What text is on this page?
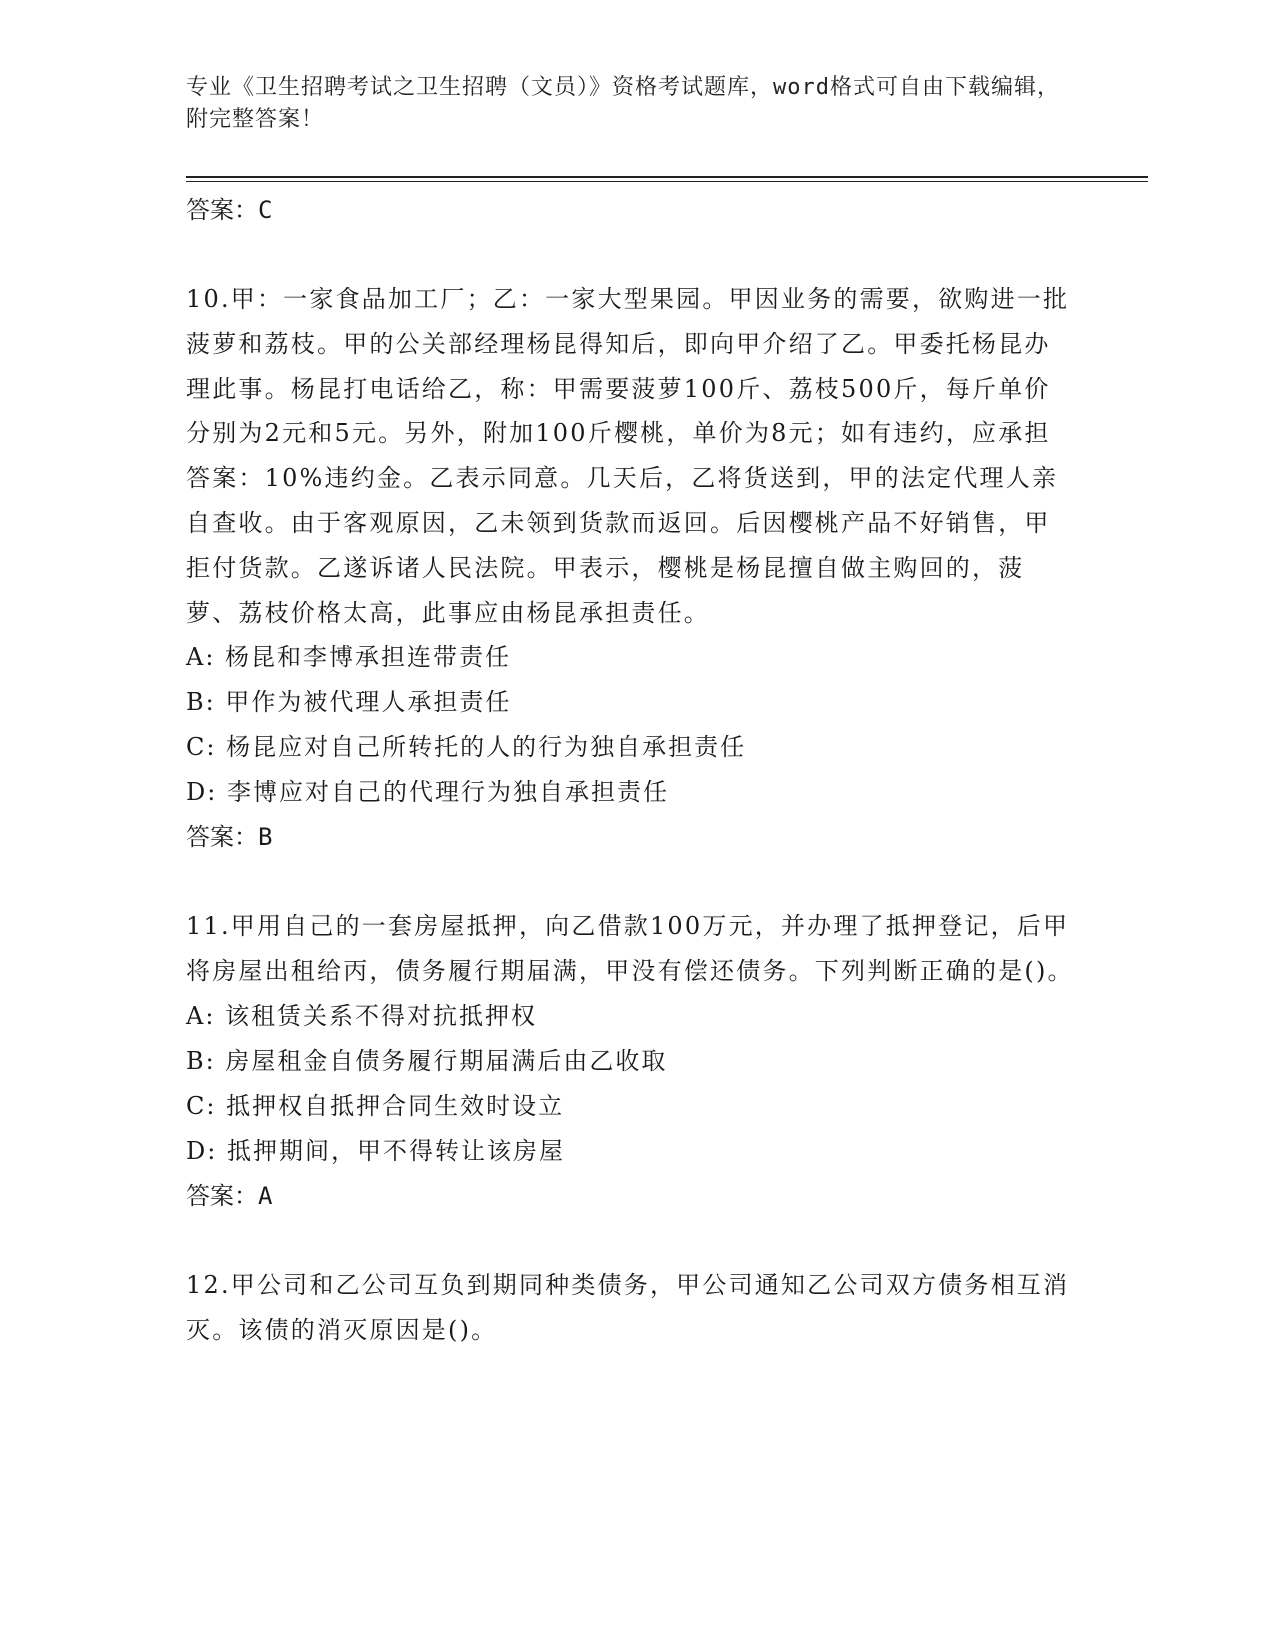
专业《卫生招聘考试之卫生招聘（文员）》资格考试题库，word格式可自由下载编辑，附完整答案！

答案：C

10.甲：一家食品加工厂；乙：一家大型果园。甲因业务的需要，欲购进一批菠萝和荔枝。甲的公关部经理杨昆得知后，即向甲介绍了乙。甲委托杨昆办理此事。杨昆打电话给乙，称：甲需要菠萝100斤、荔枝500斤，每斤单价分别为2元和5元。另外，附加100斤樱桃，单价为8元；如有违约，应承担答案：10%违约金。乙表示同意。几天后，乙将货送到，甲的法定代理人亲自查收。由于客观原因，乙未领到货款而返回。后因樱桃产品不好销售，甲拒付货款。乙遂诉诸人民法院。甲表示，樱桃是杨昆擅自做主购回的，菠萝、荔枝价格太高，此事应由杨昆承担责任。

A: 杨昆和李博承担连带责任

B: 甲作为被代理人承担责任

C: 杨昆应对自己所转托的人的行为独自承担责任

D: 李博应对自己的代理行为独自承担责任

答案：B

11.甲用自己的一套房屋抵押，向乙借款100万元，并办理了抵押登记，后甲将房屋出租给丙，债务履行期届满，甲没有偿还债务。下列判断正确的是()。

A: 该租赁关系不得对抗抵押权

B: 房屋租金自债务履行期届满后由乙收取

C: 抵押权自抵押合同生效时设立

D: 抵押期间，甲不得转让该房屋

答案：A

12.甲公司和乙公司互负到期同种类债务，甲公司通知乙公司双方债务相互消灭。该债的消灭原因是()。
